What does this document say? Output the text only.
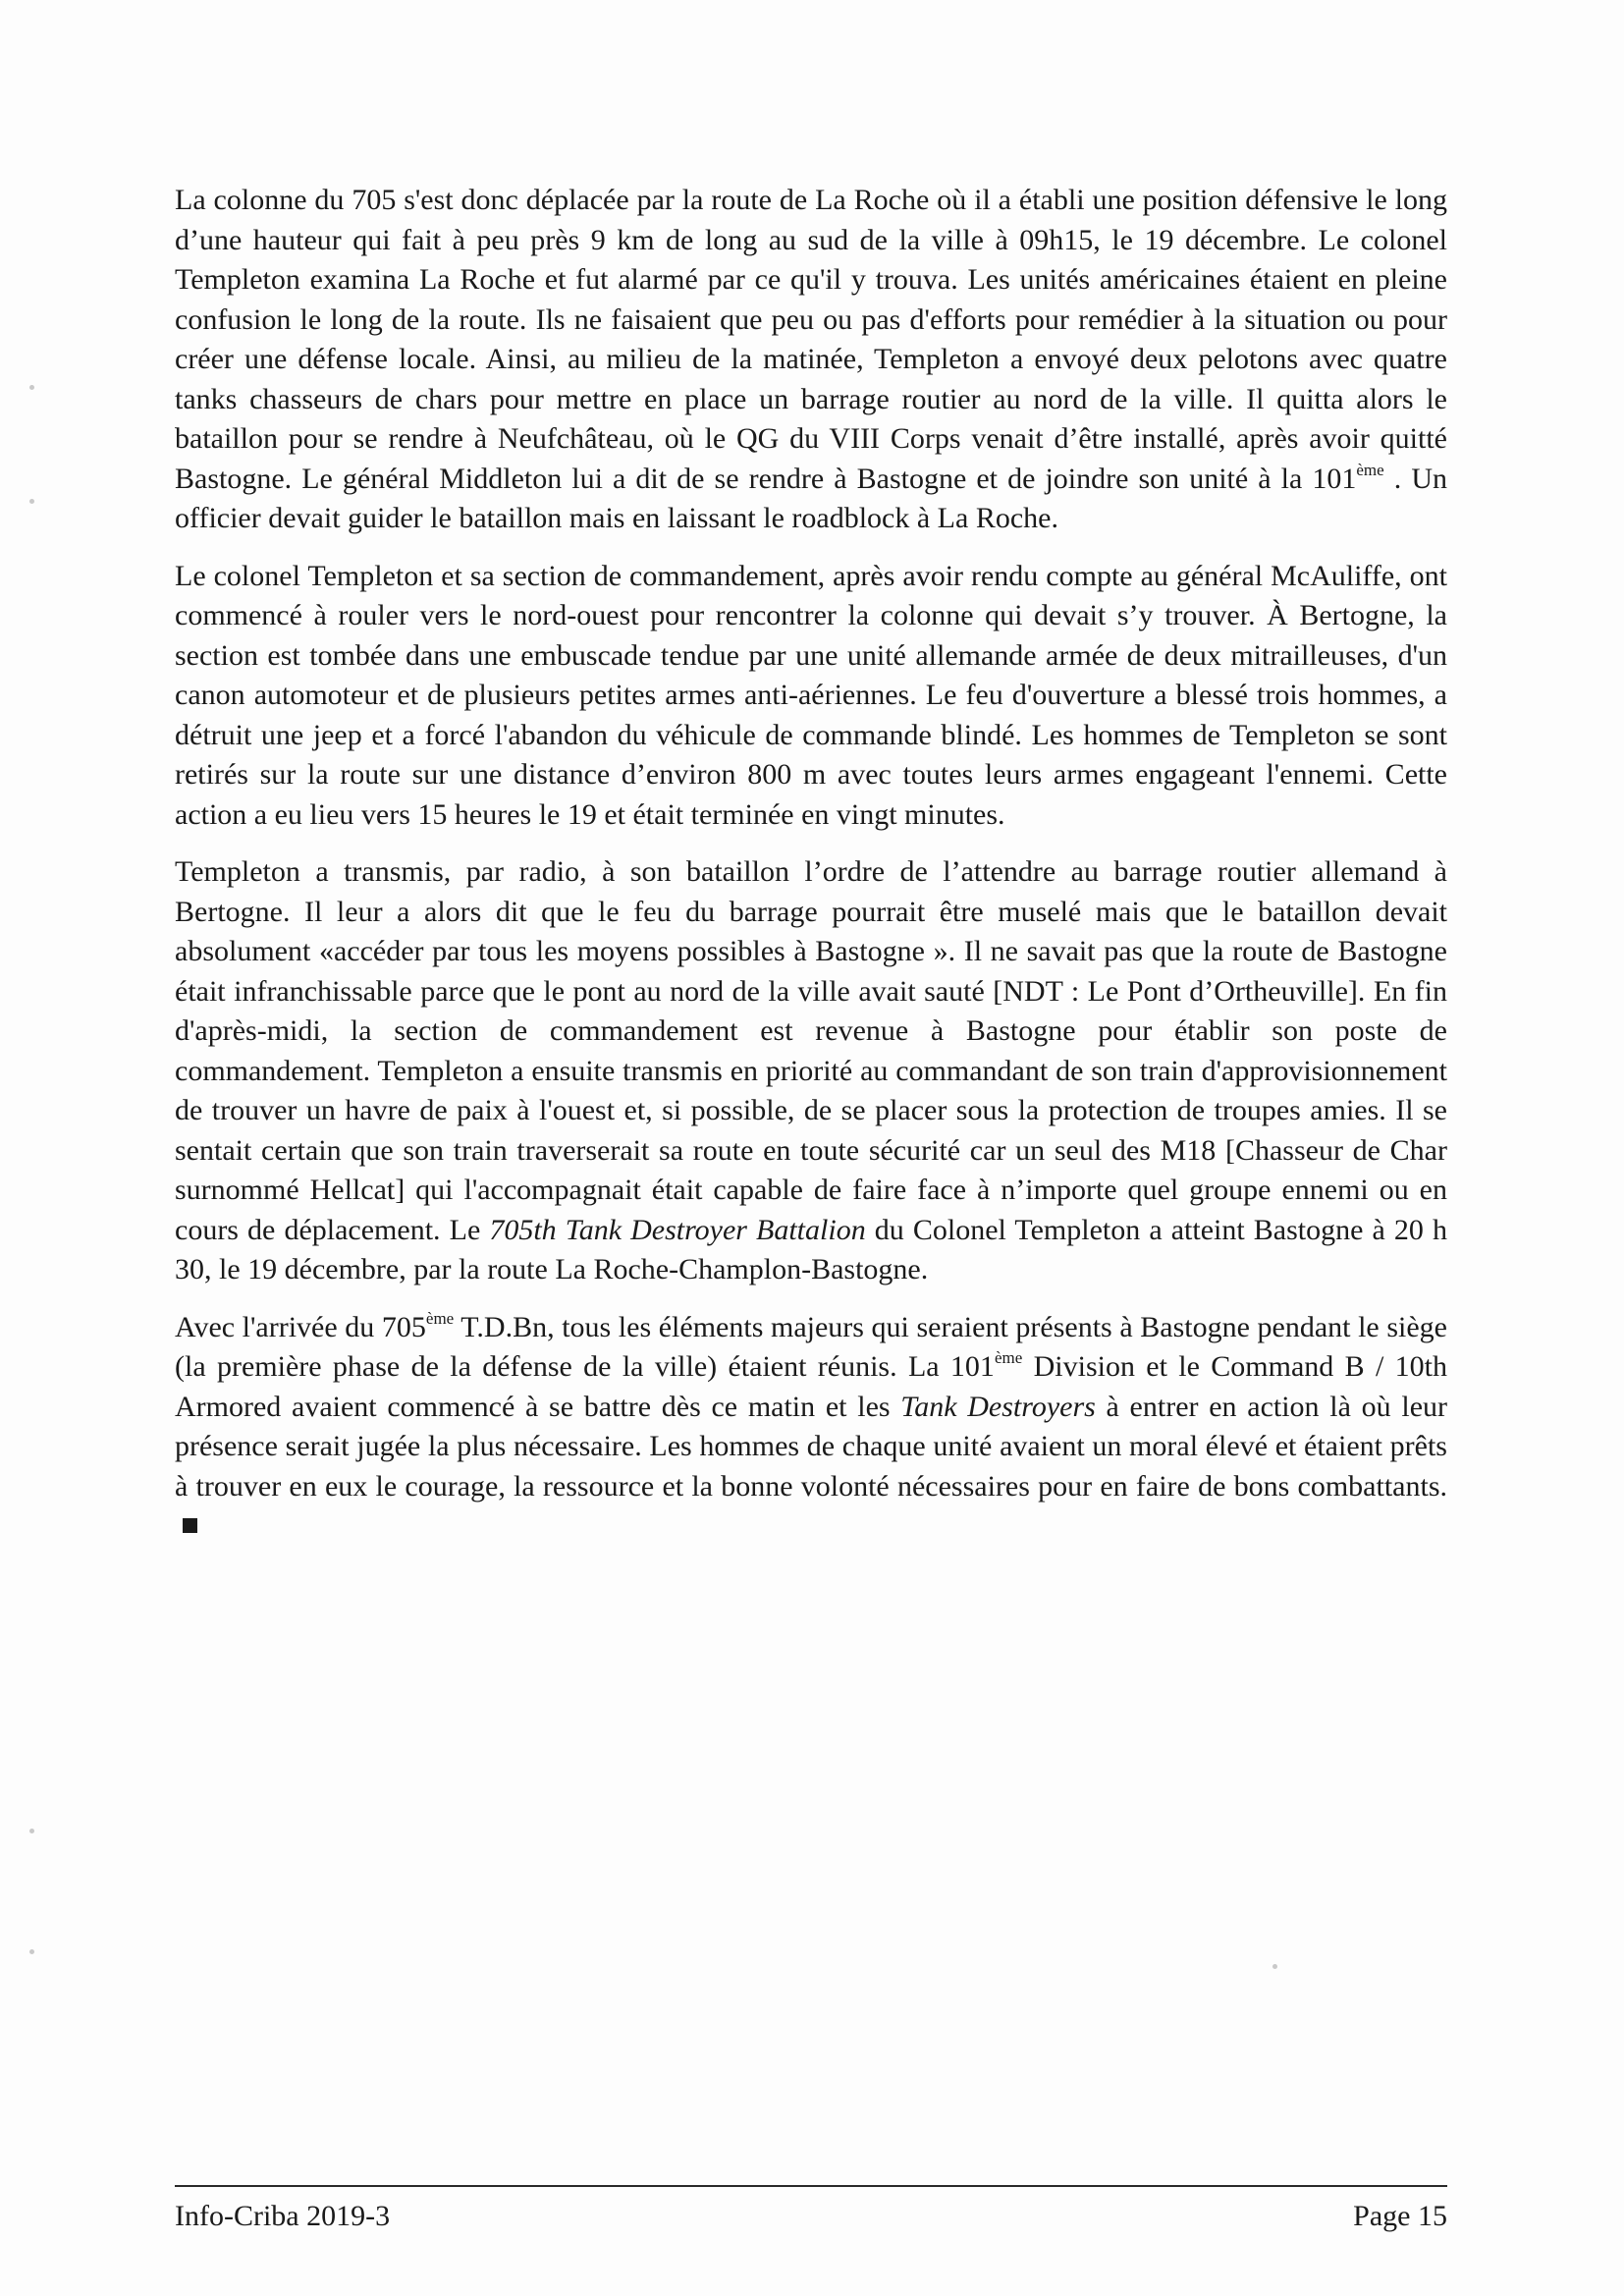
La colonne du 705 s'est donc déplacée par la route de La Roche où il a établi une position défensive le long d’une hauteur qui fait à peu près 9 km de long au sud de la ville à 09h15, le 19 décembre. Le colonel Templeton examina La Roche et fut alarmé par ce qu'il y trouva. Les unités américaines étaient en pleine confusion le long de la route. Ils ne faisaient que peu ou pas d'efforts pour remédier à la situation ou pour créer une défense locale. Ainsi, au milieu de la matinée, Templeton a envoyé deux pelotons avec quatre tanks chasseurs de chars pour mettre en place un barrage routier au nord de la ville. Il quitta alors le bataillon pour se rendre à Neufchâteau, où le QG du VIII Corps venait d’être installé, après avoir quitté Bastogne. Le général Middleton lui a dit de se rendre à Bastogne et de joindre son unité à la 101ème . Un officier devait guider le bataillon mais en laissant le roadblock à La Roche.

Le colonel Templeton et sa section de commandement, après avoir rendu compte au général McAuliffe, ont commencé à rouler vers le nord-ouest pour rencontrer la colonne qui devait s’y trouver. À Bertogne, la section est tombée dans une embuscade tendue par une unité allemande armée de deux mitrailleuses, d'un canon automoteur et de plusieurs petites armes anti-aériennes. Le feu d'ouverture a blessé trois hommes, a détruit une jeep et a forcé l'abandon du véhicule de commande blindé. Les hommes de Templeton se sont retirés sur la route sur une distance d’environ 800 m avec toutes leurs armes engageant l'ennemi. Cette action a eu lieu vers 15 heures le 19 et était terminée en vingt minutes.

Templeton a transmis, par radio, à son bataillon l’ordre de l’attendre au barrage routier allemand à Bertogne. Il leur a alors dit que le feu du barrage pourrait être muselé mais que le bataillon devait absolument «accéder par tous les moyens possibles à Bastogne ». Il ne savait pas que la route de Bastogne était infranchissable parce que le pont au nord de la ville avait sauté [NDT : Le Pont d’Ortheuville]. En fin d'après-midi, la section de commandement est revenue à Bastogne pour établir son poste de commandement. Templeton a ensuite transmis en priorité au commandant de son train d'approvisionnement de trouver un havre de paix à l'ouest et, si possible, de se placer sous la protection de troupes amies. Il se sentait certain que son train traverserait sa route en toute sécurité car un seul des M18 [Chasseur de Char surnommé Hellcat] qui l'accompagnait était capable de faire face à n’importe quel groupe ennemi ou en cours de déplacement. Le 705th Tank Destroyer Battalion du Colonel Templeton a atteint Bastogne à 20 h 30, le 19 décembre, par la route La Roche-Champlon-Bastogne.

Avec l'arrivée du 705ème T.D.Bn, tous les éléments majeurs qui seraient présents à Bastogne pendant le siège (la première phase de la défense de la ville) étaient réunis. La 101ème Division et le Command B / 10th Armored avaient commencé à se battre dès ce matin et les Tank Destroyers à entrer en action là où leur présence serait jugée la plus nécessaire. Les hommes de chaque unité avaient un moral élevé et étaient prêts à trouver en eux le courage, la ressource et la bonne volonté nécessaires pour en faire de bons combattants.

Info-Criba 2019-3	Page 15
